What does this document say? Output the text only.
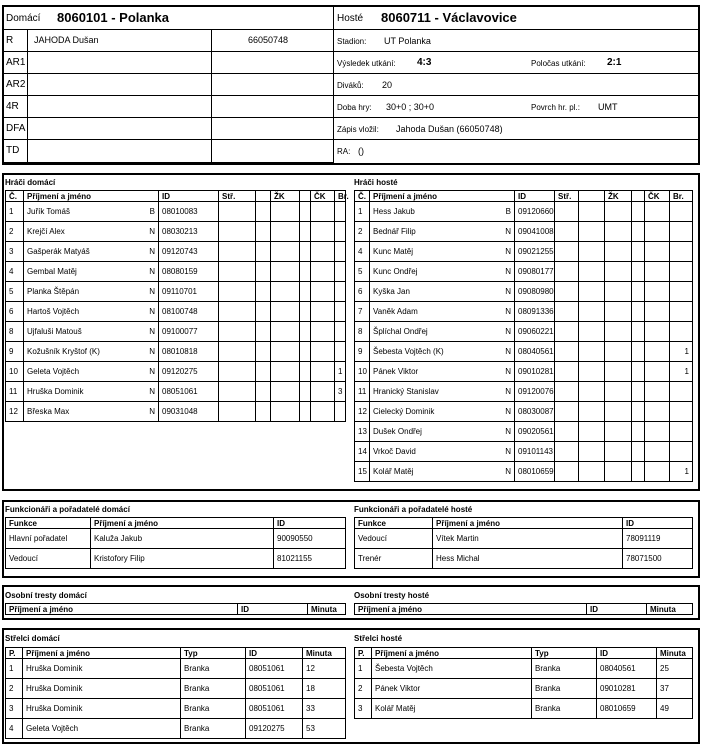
Domácí 8060101 - Polanka
R JAHODA Dušan	66050748
AR1
AR2
4R
DFA
TD
Hosté 8060711 - Václavovice
Stadion: UT Polanka
Výsledek utkání: 4:3	Poločas utkání: 2:1
Diváků: 20
Doba hry: 30+0 ; 30+0	Povrch hr. pl.: UMT
Zápis vložil: Jahoda Dušan (66050748)
RA: ()
Hráči domácí	Hráči hosté
Č.	Příjmení a jméno	ID	Stř.		ŽK		ČK	Br.
1	Juřík Tomáš B	08010083						
2	Krejčí Alex N	08030213						
3	Gašperák Matyáš N	09120743						
4	Gembal Matěj N	08080159						
5	Planka Štěpán N	09110701						
6	Hartoš Vojtěch N	08100748						
8	Ujfaluši Matouš N	09100077						
9	Kožušník Kryštof (K) N	08010818						
10	Geleta Vojtěch N	09120275						1
11	Hruška Dominik N	08051061						3
12	Břeska Max N	09031048						
Č.	Příjmení a jméno	ID	Stř.		ŽK		ČK	Br.
1	Hess Jakub B	09120660						
2	Bednář Filip N	09041008						
4	Kunc Matěj N	09021255						
5	Kunc Ondřej N	09080177						
6	Kyška Jan N	09080980						
7	Vaněk Adam N	08091336						
8	Šplíchal Ondřej N	09060221						
9	Šebesta Vojtěch (K) N	08040561						1
10	Pánek Viktor N	09010281						1
11	Hranický Stanislav N	09120076						
12	Cielecký Dominik N	08030087						
13	Dušek Ondřej N	09020561						
14	Vrkoč David N	09101143						
15	Kolář Matěj N	08010659						1
Funkcionáři a pořadatelé domácí	Funkcionáři a pořadatelé hosté
Funkce	Příjmení a jméno	ID
Hlavní pořadatel	Kaluža Jakub	90090550
Vedoucí	Kristofory Filip	81021155
Funkce	Příjmení a jméno	ID
Vedoucí	Vítek Martin	78091119
Trenér	Hess Michal	78071500
Osobní tresty domácí	Osobní tresty hosté
Příjmení a jméno	ID	Minuta	Příjmení a jméno	ID	Minuta
Střelci domácí	Střelci hosté
P.	Příjmení a jméno	Typ	ID	Minuta
1	Hruška Dominik	Branka	08051061	12
2	Hruška Dominik	Branka	08051061	18
3	Hruška Dominik	Branka	08051061	33
4	Geleta Vojtěch	Branka	09120275	53
P.	Příjmení a jméno	Typ	ID	Minuta
1	Šebesta Vojtěch	Branka	08040561	25
2	Pánek Viktor	Branka	09010281	37
3	Kolář Matěj	Branka	08010659	49
